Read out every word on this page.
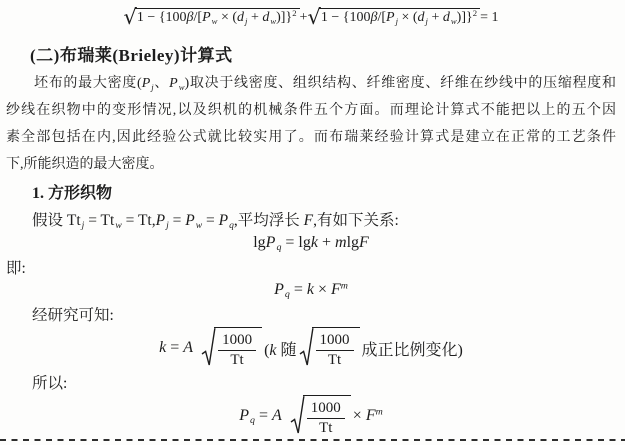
√ $1 - \{100\beta/[P_w \times (d_j + d_w)]\}^2$ + √ $1 - \{100\beta/[P_j \times (d_j + d_w)]\}^2 = 1$
(二)布瑞莱(Brieley)计算式
坯布的最大密度($P_j$、$P_w$)取决于线密度、组织结构、纤维密度、纤维在纱线中的压缩程度和
纱线在织物中的变形情况,以及织机的机械条件五个方面。而理论计算式不能把以上的五个因
素全部包括在内,因此经验公式就比较实用了。而布瑞莱经验计算式是建立在正常的工艺条件
下,所能织造的最大密度。
1. 方形织物
假设 $Tt_j = Tt_w = Tt,P_j = P_w = P_q$,平均浮长 F,有如下关系:
lgP$_q$ = lgk + mlgF
即:
$P_q = k \times F^m$
经研究可知:
k = A $\frac{1000}{Tt} (k$ 随 $\frac{1000}{Tt}$ 成正比例变化)
所以:
$P_q = A \frac{1000}{Tt} \times F^m$
